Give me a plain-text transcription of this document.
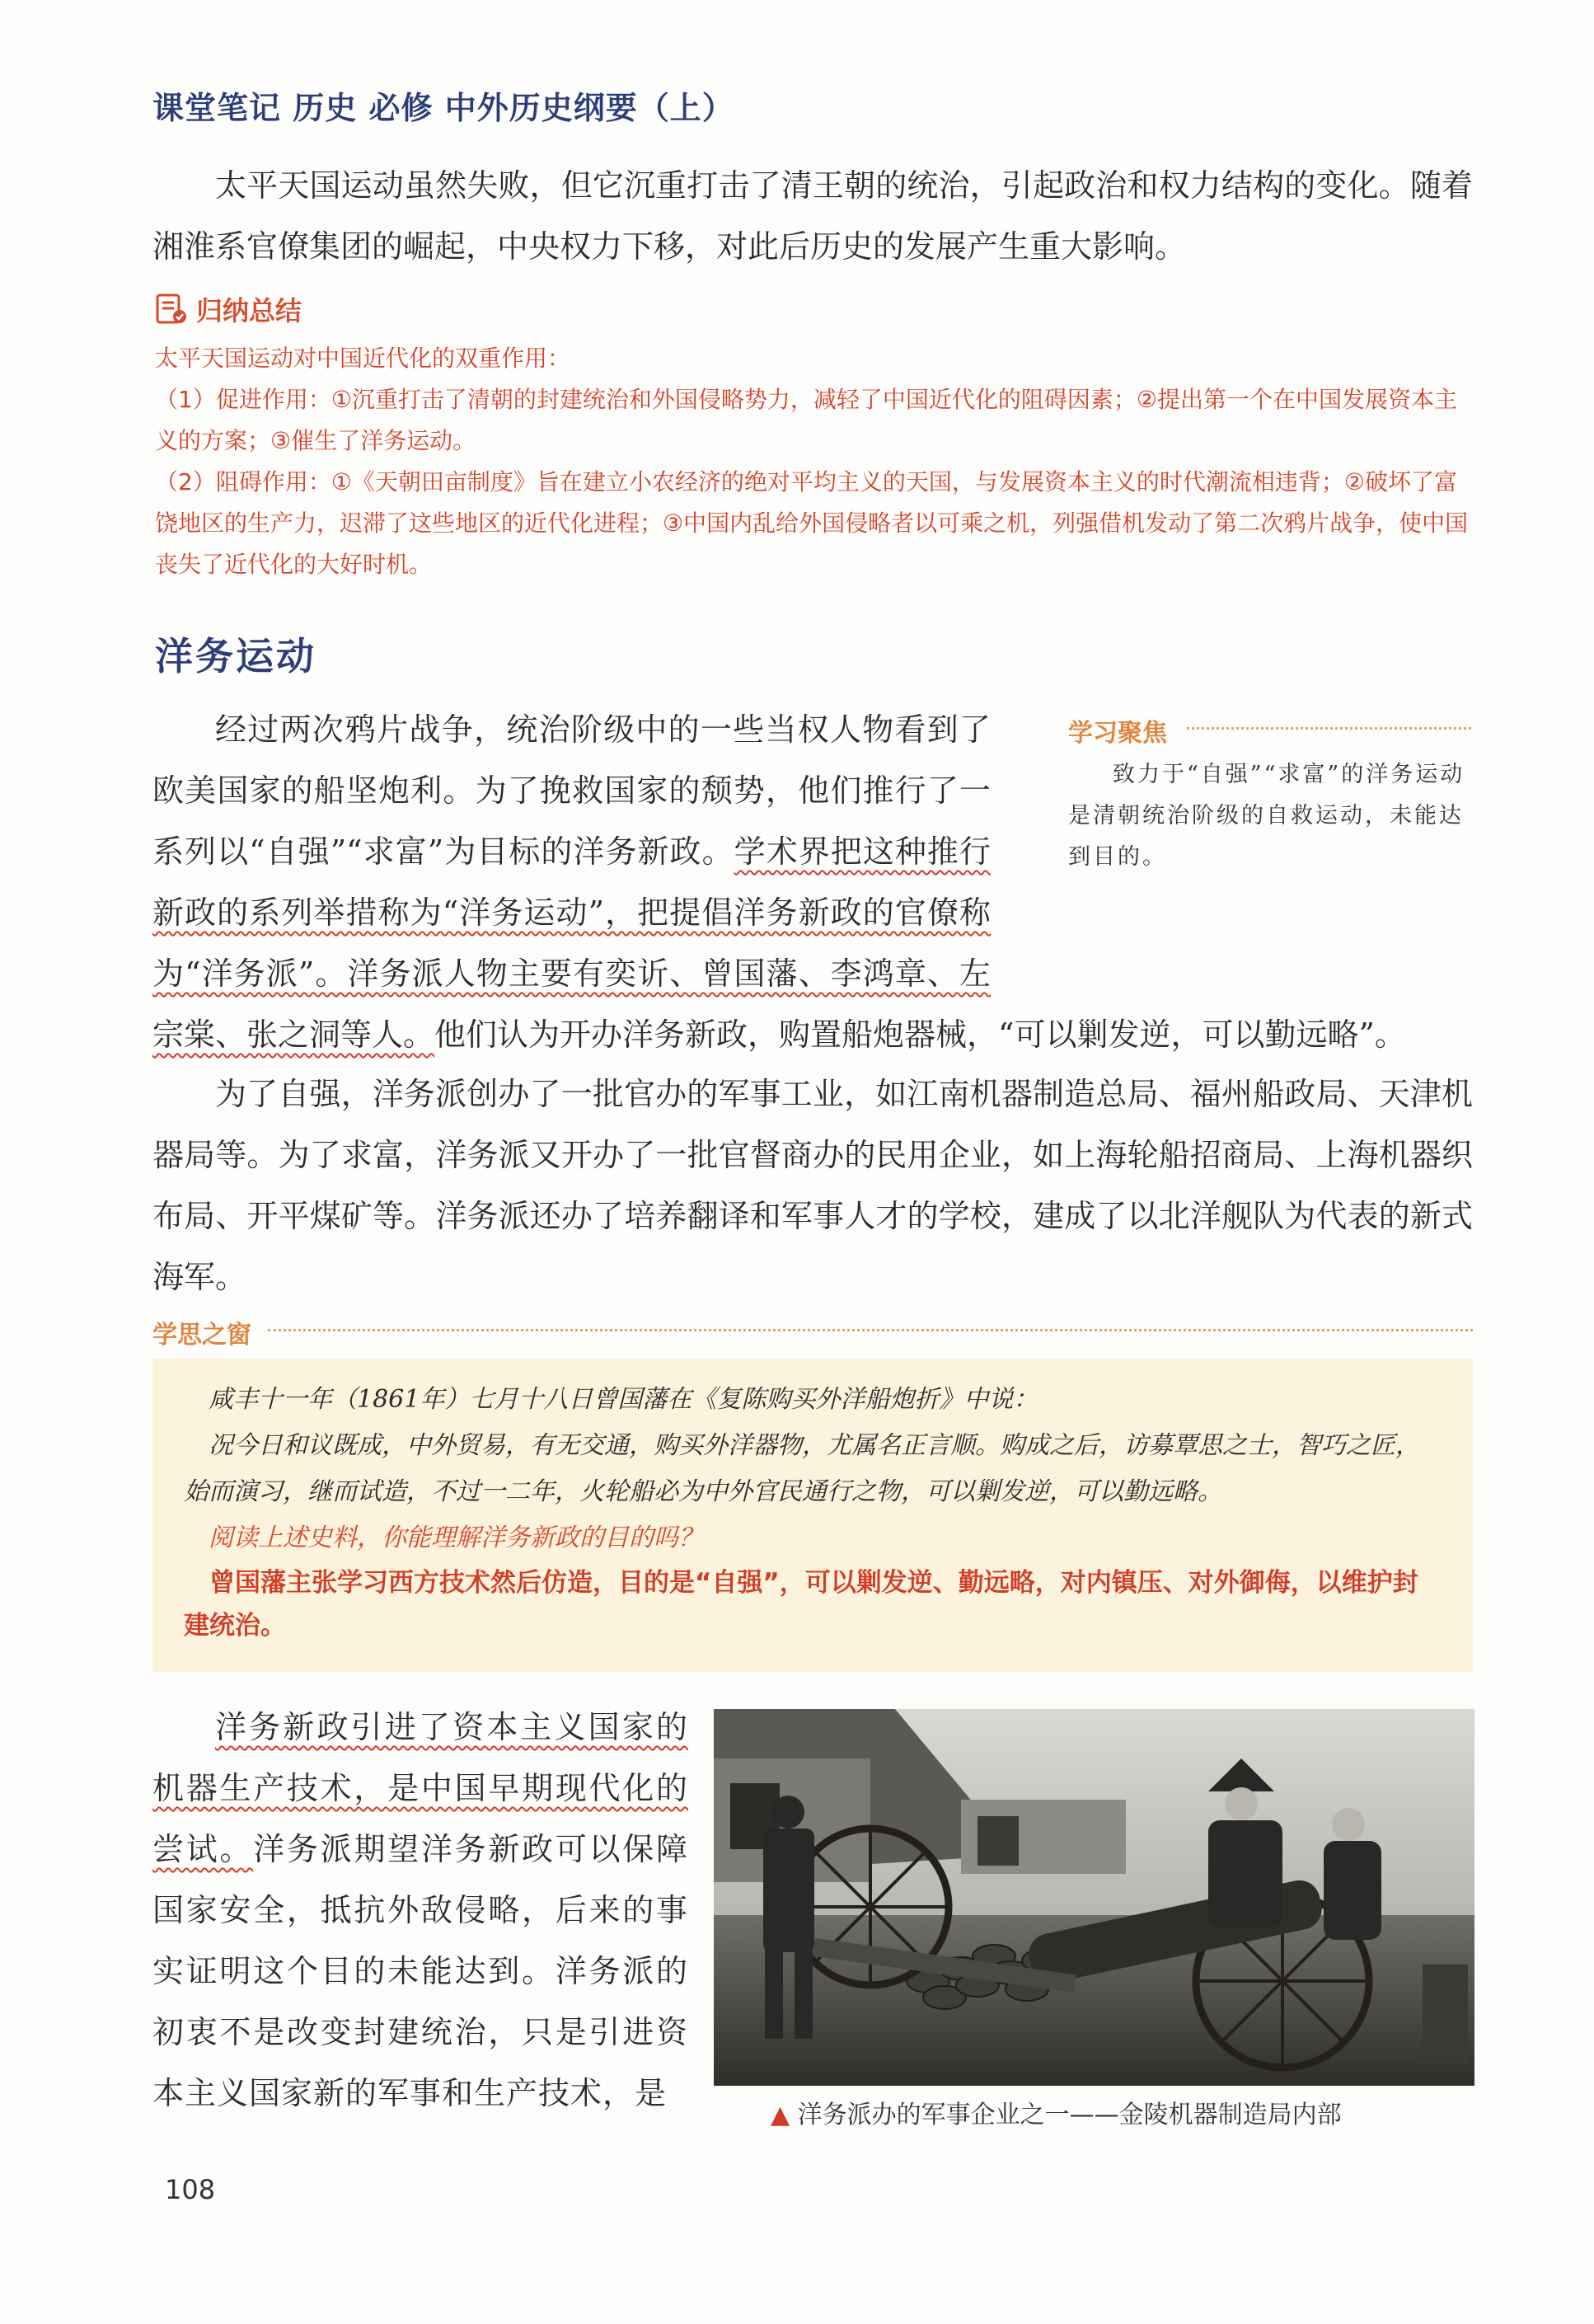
课堂笔记 历史 必修 中外历史纲要（上）

太平天国运动虽然失败，但它沉重打击了清王朝的统治，引起政治和权力结构的变化。随着湘淮系官僚集团的崛起，中央权力下移，对此后历史的发展产生重大影响。

归纳总结

太平天国运动对中国近代化的双重作用：

（1）促进作用：①沉重打击了清朝的封建统治和外国侵略势力，减轻了中国近代化的阻碍因素；②提出第一个在中国发展资本主义的方案；③催生了洋务运动。

（2）阻碍作用：①《天朝田亩制度》旨在建立小农经济的绝对平均主义的天国，与发展资本主义的时代潮流相违背；②破坏了富饶地区的生产力，迟滞了这些地区的近代化进程；③中国内乱给外国侵略者以可乘之机，列强借机发动了第二次鸦片战争，使中国丧失了近代化的大好时机。

洋务运动

经过两次鸦片战争，统治阶级中的一些当权人物看到了欧美国家的船坚炮利。为了挽救国家的颓势，他们推行了一系列以“自强”“求富”为目标的洋务新政。学术界把这种推行新政的系列举措称为“洋务运动”，把提倡洋务新政的官僚称为“洋务派”。洋务派人物主要有奕䜣、曾国藩、李鸿章、左宗棠、张之洞等人。他们认为开办洋务新政，购置船炮器械，“可以剿发逆，可以勤远略”。

学习聚焦

致力于“自强”“求富”的洋务运动是清朝统治阶级的自救运动，未能达到目的。

为了自强，洋务派创办了一批官办的军事工业，如江南机器制造总局、福州船政局、天津机器局等。为了求富，洋务派又开办了一批官督商办的民用企业，如上海轮船招商局、上海机器织布局、开平煤矿等。洋务派还办了培养翻译和军事人才的学校，建成了以北洋舰队为代表的新式海军。

学思之窗

咸丰十一年（1861年）七月十八日曾国藩在《复陈购买外洋船炮折》中说：

况今日和议既成，中外贸易，有无交通，购买外洋器物，尤属名正言顺。购成之后，访募覃思之士，智巧之匠，始而演习，继而试造，不过一二年，火轮船必为中外官民通行之物，可以剿发逆，可以勤远略。

阅读上述史料，你能理解洋务新政的目的吗？

曾国藩主张学习西方技术然后仿造，目的是“自强”，可以剿发逆、勤远略，对内镇压、对外御侮，以维护封建统治。

洋务新政引进了资本主义国家的机器生产技术，是中国早期现代化的尝试。洋务派期望洋务新政可以保障国家安全，抵抗外敌侵略，后来的事实证明这个目的未能达到。洋务派的初衷不是改变封建统治，只是引进资本主义国家新的军事和生产技术，是

▲ 洋务派办的军事企业之一——金陵机器制造局内部
108
